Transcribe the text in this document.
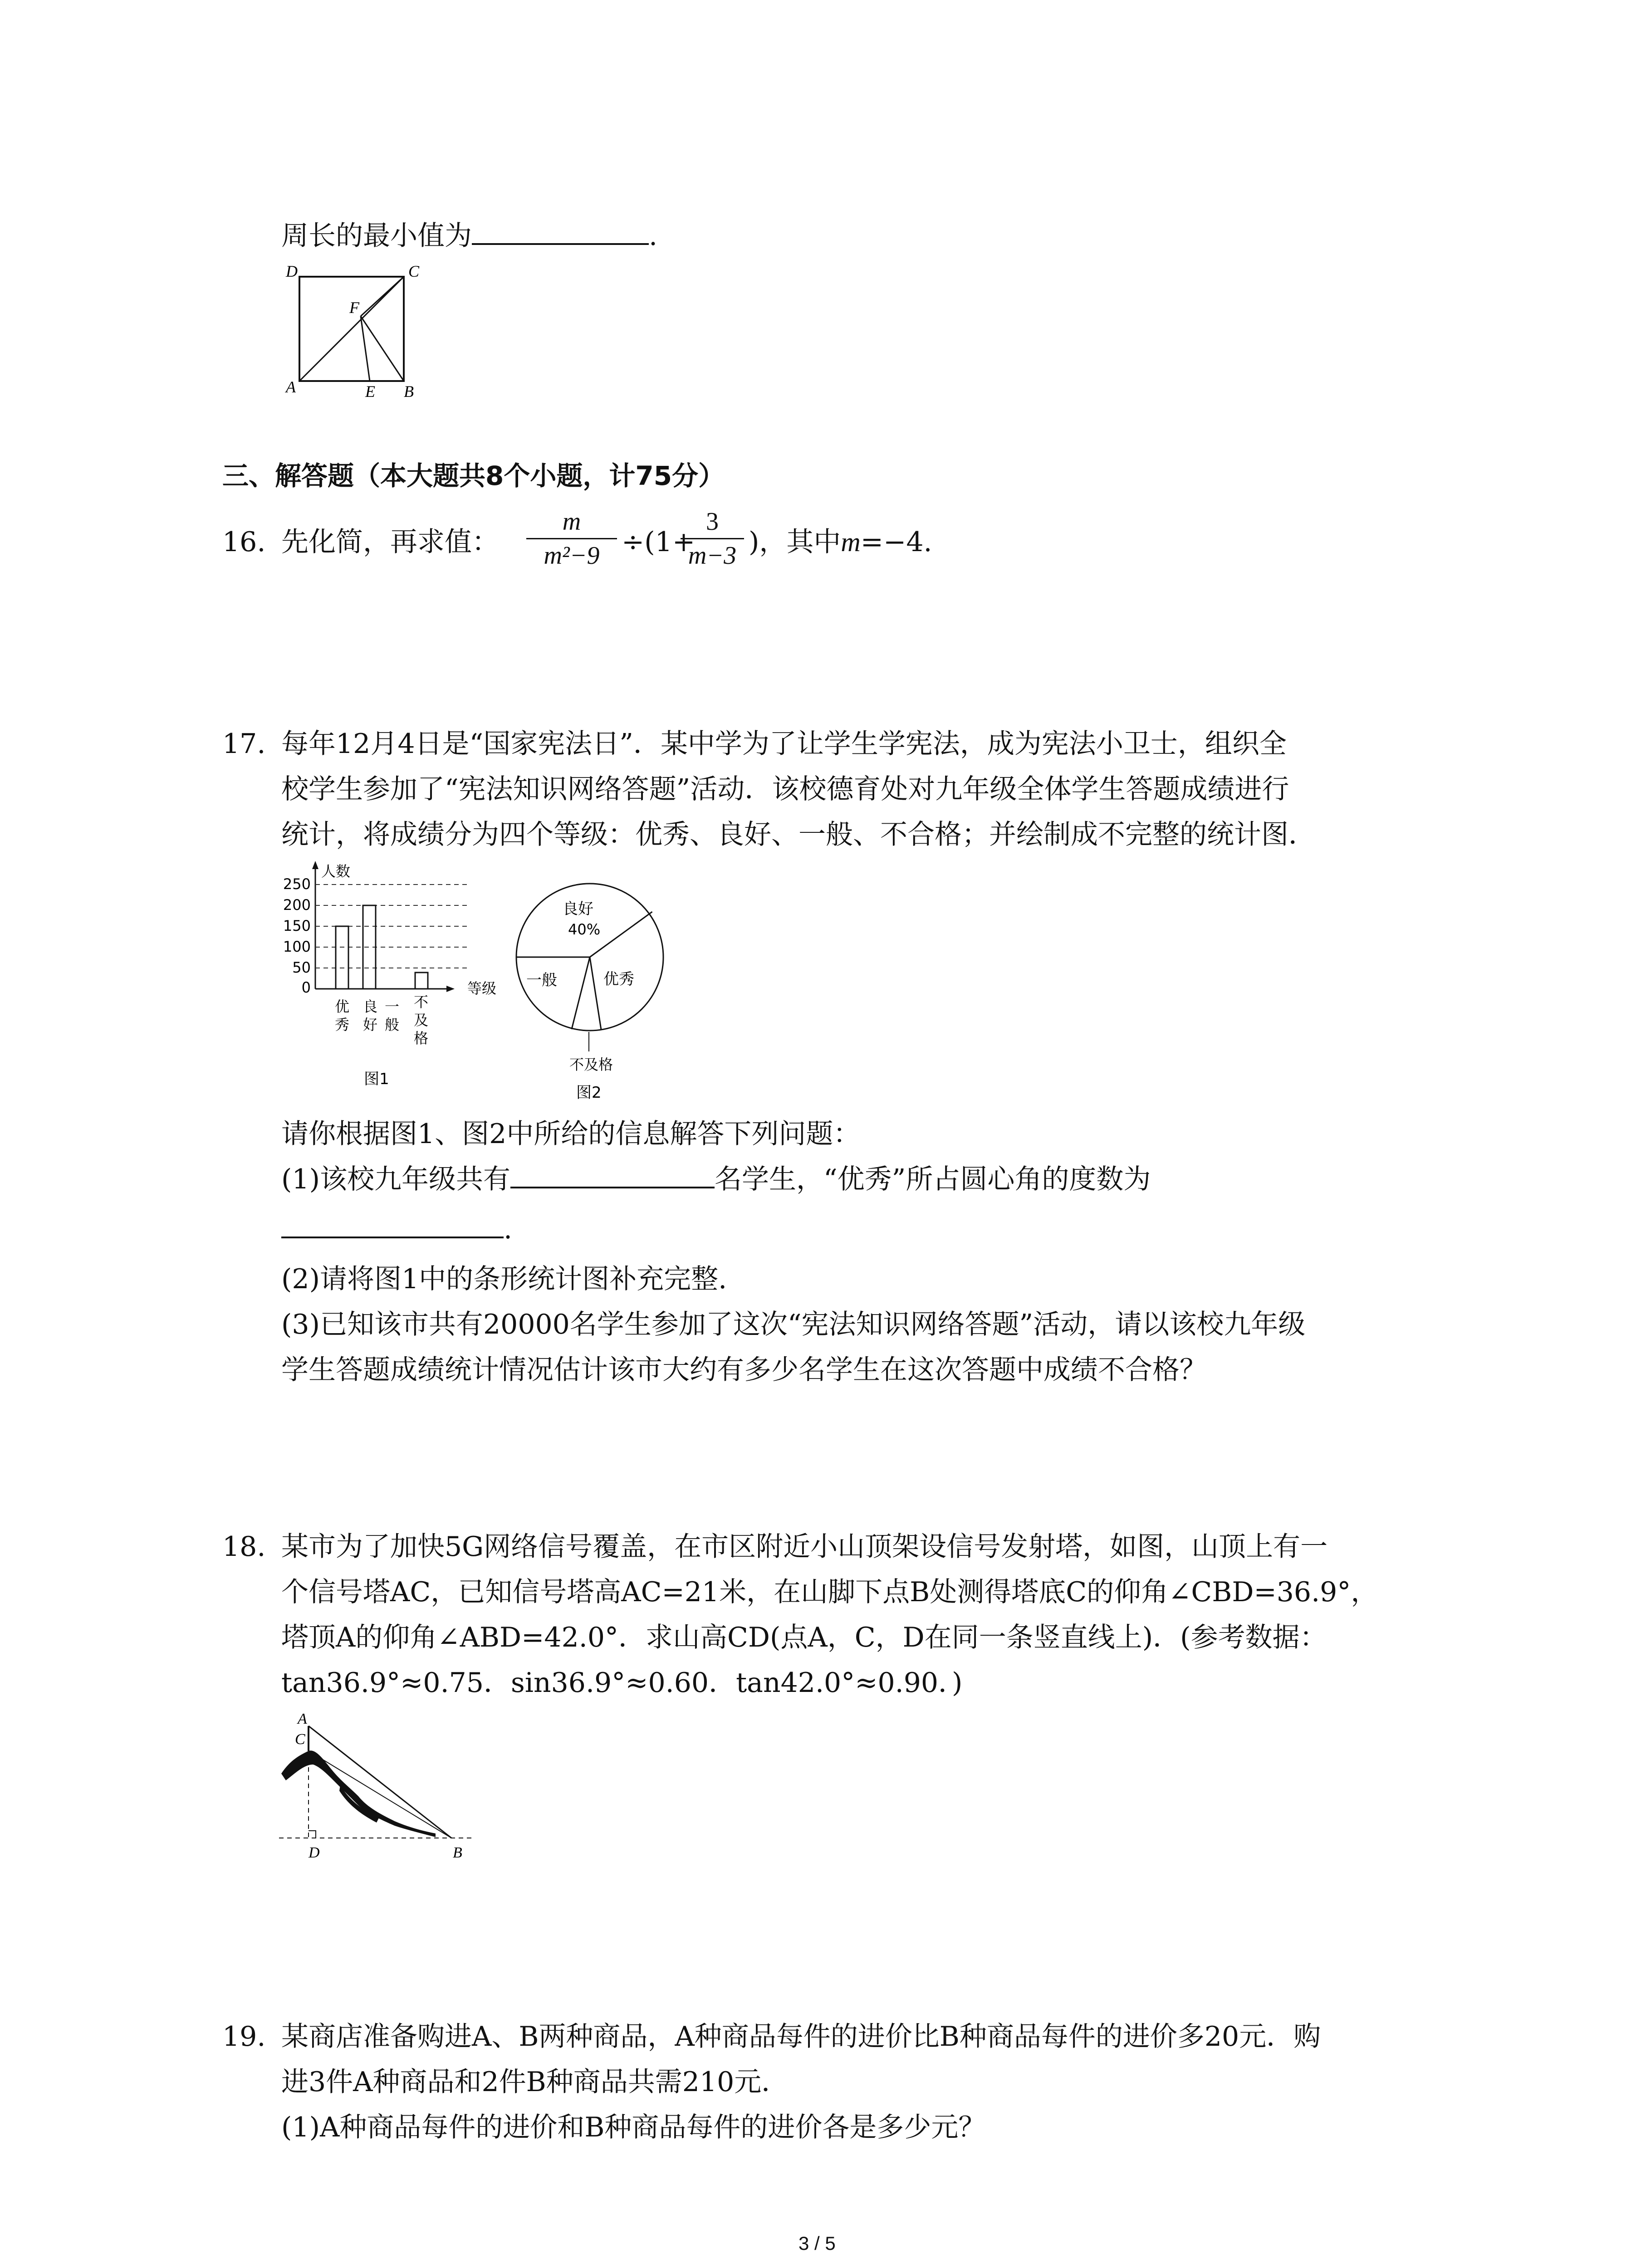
周长的最小值为	.
D	C
F
A	E B
三、解答题（本大题共8个小题，计75分）
16. 先化简，再求值：
m
m²−9 ÷(1+
3
m−3 )，其中m=−4.
17. 每年12月4日是“国家宪法日”．某中学为了让学生学宪法，成为宪法小卫士，组织全
校学生参加了“宪法知识网络答题”活动．该校德育处对九年级全体学生答题成绩进行
统计，将成绩分为四个等级：优秀、良好、一般、不合格；并绘制成不完整的统计图．
人数
250
200
150
100
50
0	等级
优
秀
良
好
一
般
不
及
格
图1
良好
40%
一般	优秀
不及格
图2
请你根据图1、图2中所给的信息解答下列问题：
(1)该校九年级共有	名学生，“优秀”所占圆心角的度数为
.
(2)请将图1中的条形统计图补充完整.
(3)已知该市共有20000名学生参加了这次“宪法知识网络答题”活动，请以该校九年级
学生答题成绩统计情况估计该市大约有多少名学生在这次答题中成绩不合格？
18. 某市为了加快5G网络信号覆盖，在市区附近小山顶架设信号发射塔，如图，山顶上有一
个信号塔AC，已知信号塔高AC=21米，在山脚下点B处测得塔底C的仰角∠CBD=36.9°，
塔顶A的仰角∠ABD=42.0°．求山高CD(点A，C，D在同一条竖直线上)．(参考数据：
tan36.9°≈0.75．sin36.9°≈0.60．tan42.0°≈0.90．)
A
C
D	B
19. 某商店准备购进A、B两种商品，A种商品每件的进价比B种商品每件的进价多20元．购
进3件A种商品和2件B种商品共需210元．
(1)A种商品每件的进价和B种商品每件的进价各是多少元？
3 / 5
